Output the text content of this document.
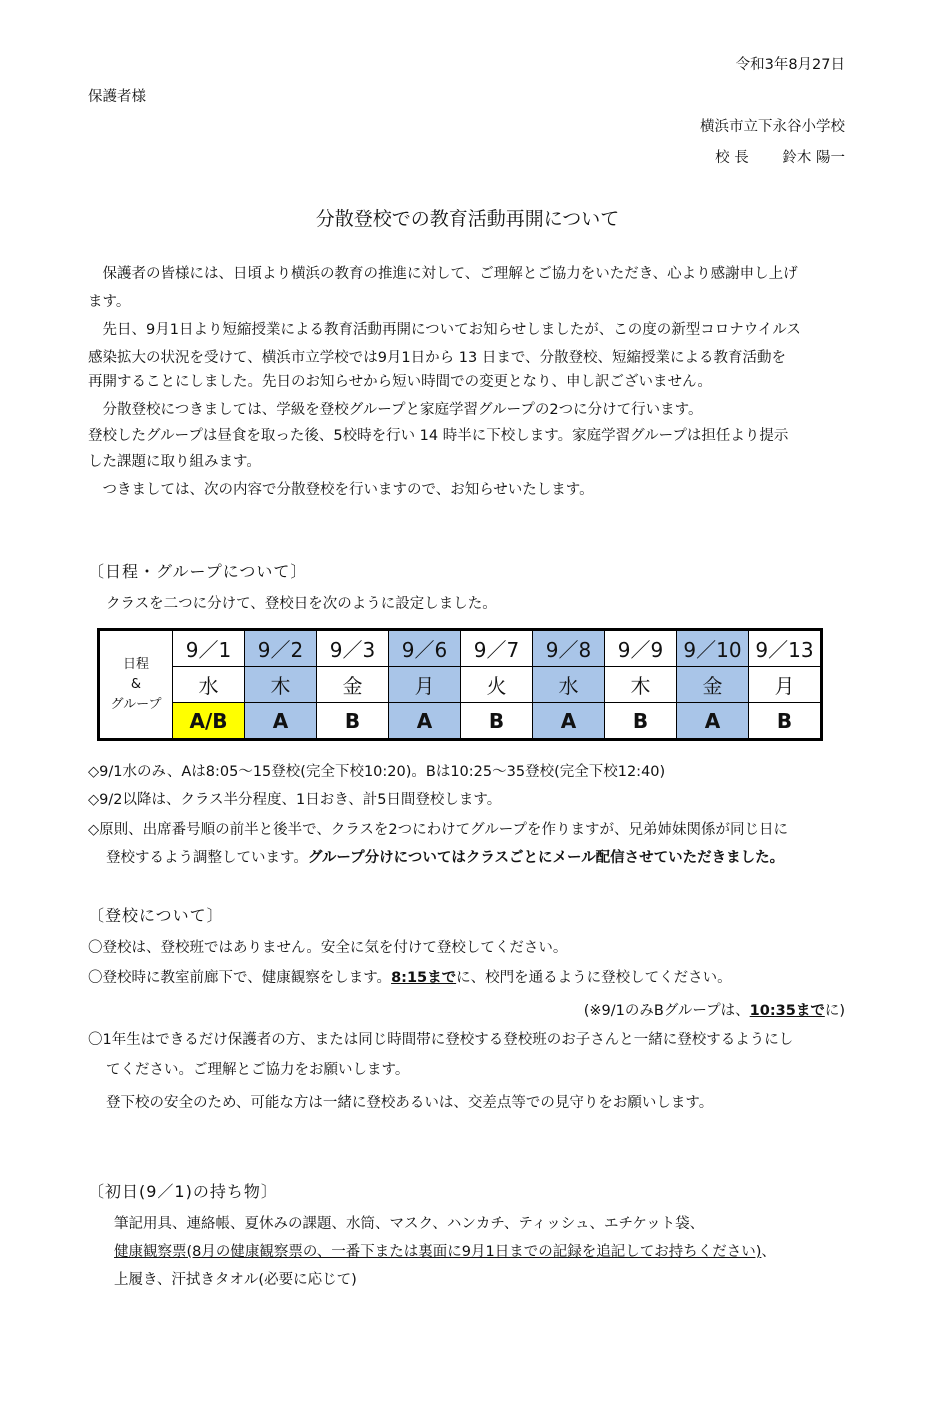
令和3年8月27日
保護者様
横浜市立下永谷小学校
校 長　　 鈴木 陽一
分散登校での教育活動再開について
　保護者の皆様には、日頃より横浜の教育の推進に対して、ご理解とご協力をいただき、心より感謝申し上げ
ます。
　先日、9月1日より短縮授業による教育活動再開についてお知らせしましたが、この度の新型コロナウイルス
感染拡大の状況を受けて、横浜市立学校では9月1日から 13 日まで、分散登校、短縮授業による教育活動を
再開することにしました。先日のお知らせから短い時間での変更となり、申し訳ございません。
　分散登校につきましては、学級を登校グループと家庭学習グループの2つに分けて行います。
登校したグループは昼食を取った後、5校時を行い 14 時半に下校します。家庭学習グループは担任より提示
した課題に取り組みます。
　つきましては、次の内容で分散登校を行いますので、お知らせいたします。
〔日程・グループについて〕
クラスを二つに分けて、登校日を次のように設定しました。
日程
&
グループ	9／1	9／2	9／3	9／6	9／7	9／8	9／9	9／10	9／13
	水	木	金	月	火	水	木	金	月
	A/B	A	B	A	B	A	B	A	B
◇9/1水のみ、Aは8:05～15登校(完全下校10:20)。Bは10:25～35登校(完全下校12:40)
◇9/2以降は、クラス半分程度、1日おき、計5日間登校します。
◇原則、出席番号順の前半と後半で、クラスを2つにわけてグループを作りますが、兄弟姉妹関係が同じ日に
登校するよう調整しています。グループ分けについてはクラスごとにメール配信させていただきました。
〔登校について〕
〇登校は、登校班ではありません。安全に気を付けて登校してください。
〇登校時に教室前廊下で、健康観察をします。8:15までに、校門を通るように登校してください。
(※9/1のみBグループは、10:35までに)
〇1年生はできるだけ保護者の方、または同じ時間帯に登校する登校班のお子さんと一緒に登校するようにし
てください。ご理解とご協力をお願いします。
登下校の安全のため、可能な方は一緒に登校あるいは、交差点等での見守りをお願いします。
〔初日(9／1)の持ち物〕
筆記用具、連絡帳、夏休みの課題、水筒、マスク、ハンカチ、ティッシュ、エチケット袋、
健康観察票(8月の健康観察票の、一番下または裏面に9月1日までの記録を追記してお持ちください)、
上履き、汗拭きタオル(必要に応じて)
